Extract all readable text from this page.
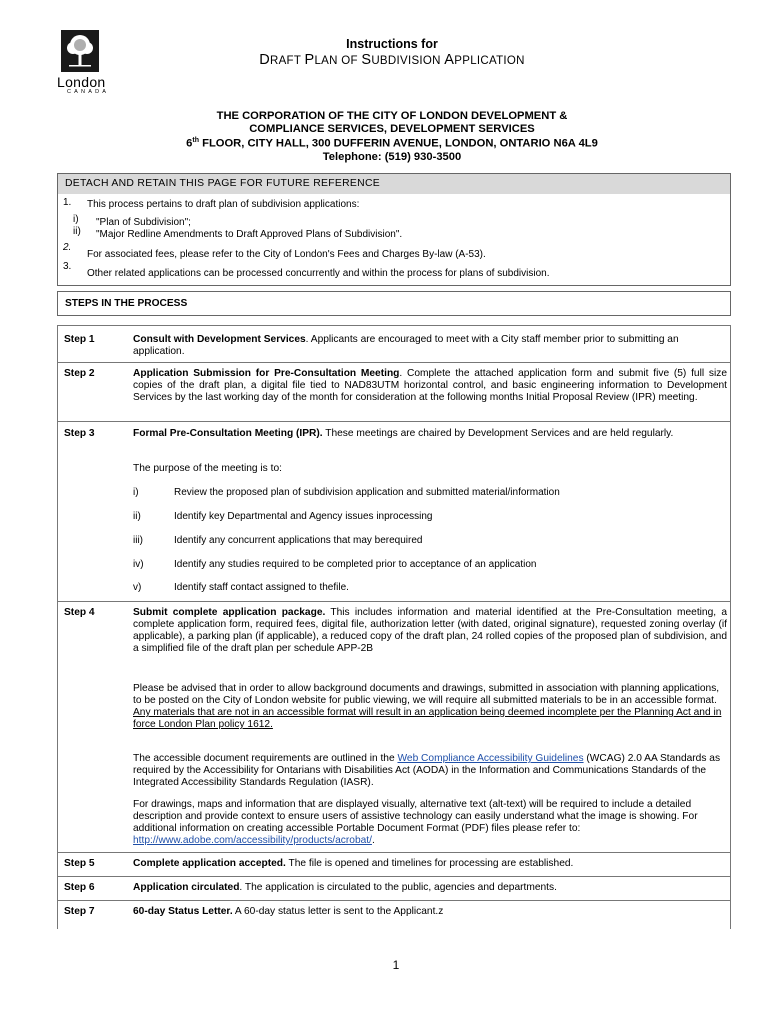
London
CANADA
Instructions for
DRAFT PLAN OF SUBDIVISION APPLICATION
THE CORPORATION OF THE CITY OF LONDON DEVELOPMENT &
COMPLIANCE SERVICES, DEVELOPMENT SERVICES
6th FLOOR, CITY HALL, 300 DUFFERIN AVENUE, LONDON, ONTARIO N6A 4L9
Telephone: (519) 930-3500
DETACH AND RETAIN THIS PAGE FOR FUTURE REFERENCE
1. This process pertains to draft plan of subdivision applications:
i)
ii)
"Plan of Subdivision";
"Major Redline Amendments to Draft Approved Plans of Subdivision".
2.
For associated fees, please refer to the City of London's Fees and Charges By-law (A-53).
3.
Other related applications can be processed concurrently and within the process for plans of subdivision.
STEPS IN THE PROCESS
Step 1	Consult with Development Services. Applicants are encouraged to meet with a City staff member prior to submitting an application.
Step 2	Application Submission for Pre-Consultation Meeting. Complete the attached application form and submit five (5) full size copies of the draft plan, a digital file tied to NAD83UTM horizontal control, and basic engineering information to Development Services by the last working day of the month for consideration at the following months Initial Proposal Review (IPR) meeting.
Step 3	Formal Pre-Consultation Meeting (IPR). These meetings are chaired by Development Services and are held regularly.
The purpose of the meeting is to:
i)	Review the proposed plan of subdivision application and submitted material/information
ii)	Identify key Departmental and Agency issues inprocessing
iii)	Identify any concurrent applications that may berequired
iv)	Identify any studies required to be completed prior to acceptance of an application
v)	Identify staff contact assigned to thefile.
Step 4	Submit complete application package. This includes information and material identified at the Pre-Consultation meeting, a complete application form, required fees, digital file, authorization letter (with dated, original signature), requested zoning overlay (if applicable), a parking plan (if applicable), a reduced copy of the draft plan, 24 rolled copies of the proposed plan of subdivision, and a simplified file of the draft plan per schedule APP-2B
Please be advised that in order to allow background documents and drawings, submitted in association with planning applications, to be posted on the City of London website for public viewing, we will require all submitted materials to be in an accessible format. Any materials that are not in an accessible format will result in an application being deemed incomplete per the Planning Act and in force London Plan policy 1612.
The accessible document requirements are outlined in the Web Compliance Accessibility Guidelines (WCAG) 2.0 AA Standards as required by the Accessibility for Ontarians with Disabilities Act (AODA) in the Information and Communications Standards of the Integrated Accessibility Standards Regulation (IASR).
For drawings, maps and information that are displayed visually, alternative text (alt-text) will be required to include a detailed description and provide context to ensure users of assistive technology can easily understand what the image is showing. For additional information on creating accessible Portable Document Format (PDF) files please refer to: http://www.adobe.com/accessibility/products/acrobat/.
Step 5	Complete application accepted. The file is opened and timelines for processing are established.
Step 6	Application circulated. The application is circulated to the public, agencies and departments.
Step 7	60-day Status Letter. A 60-day status letter is sent to the Applicant.z
1
